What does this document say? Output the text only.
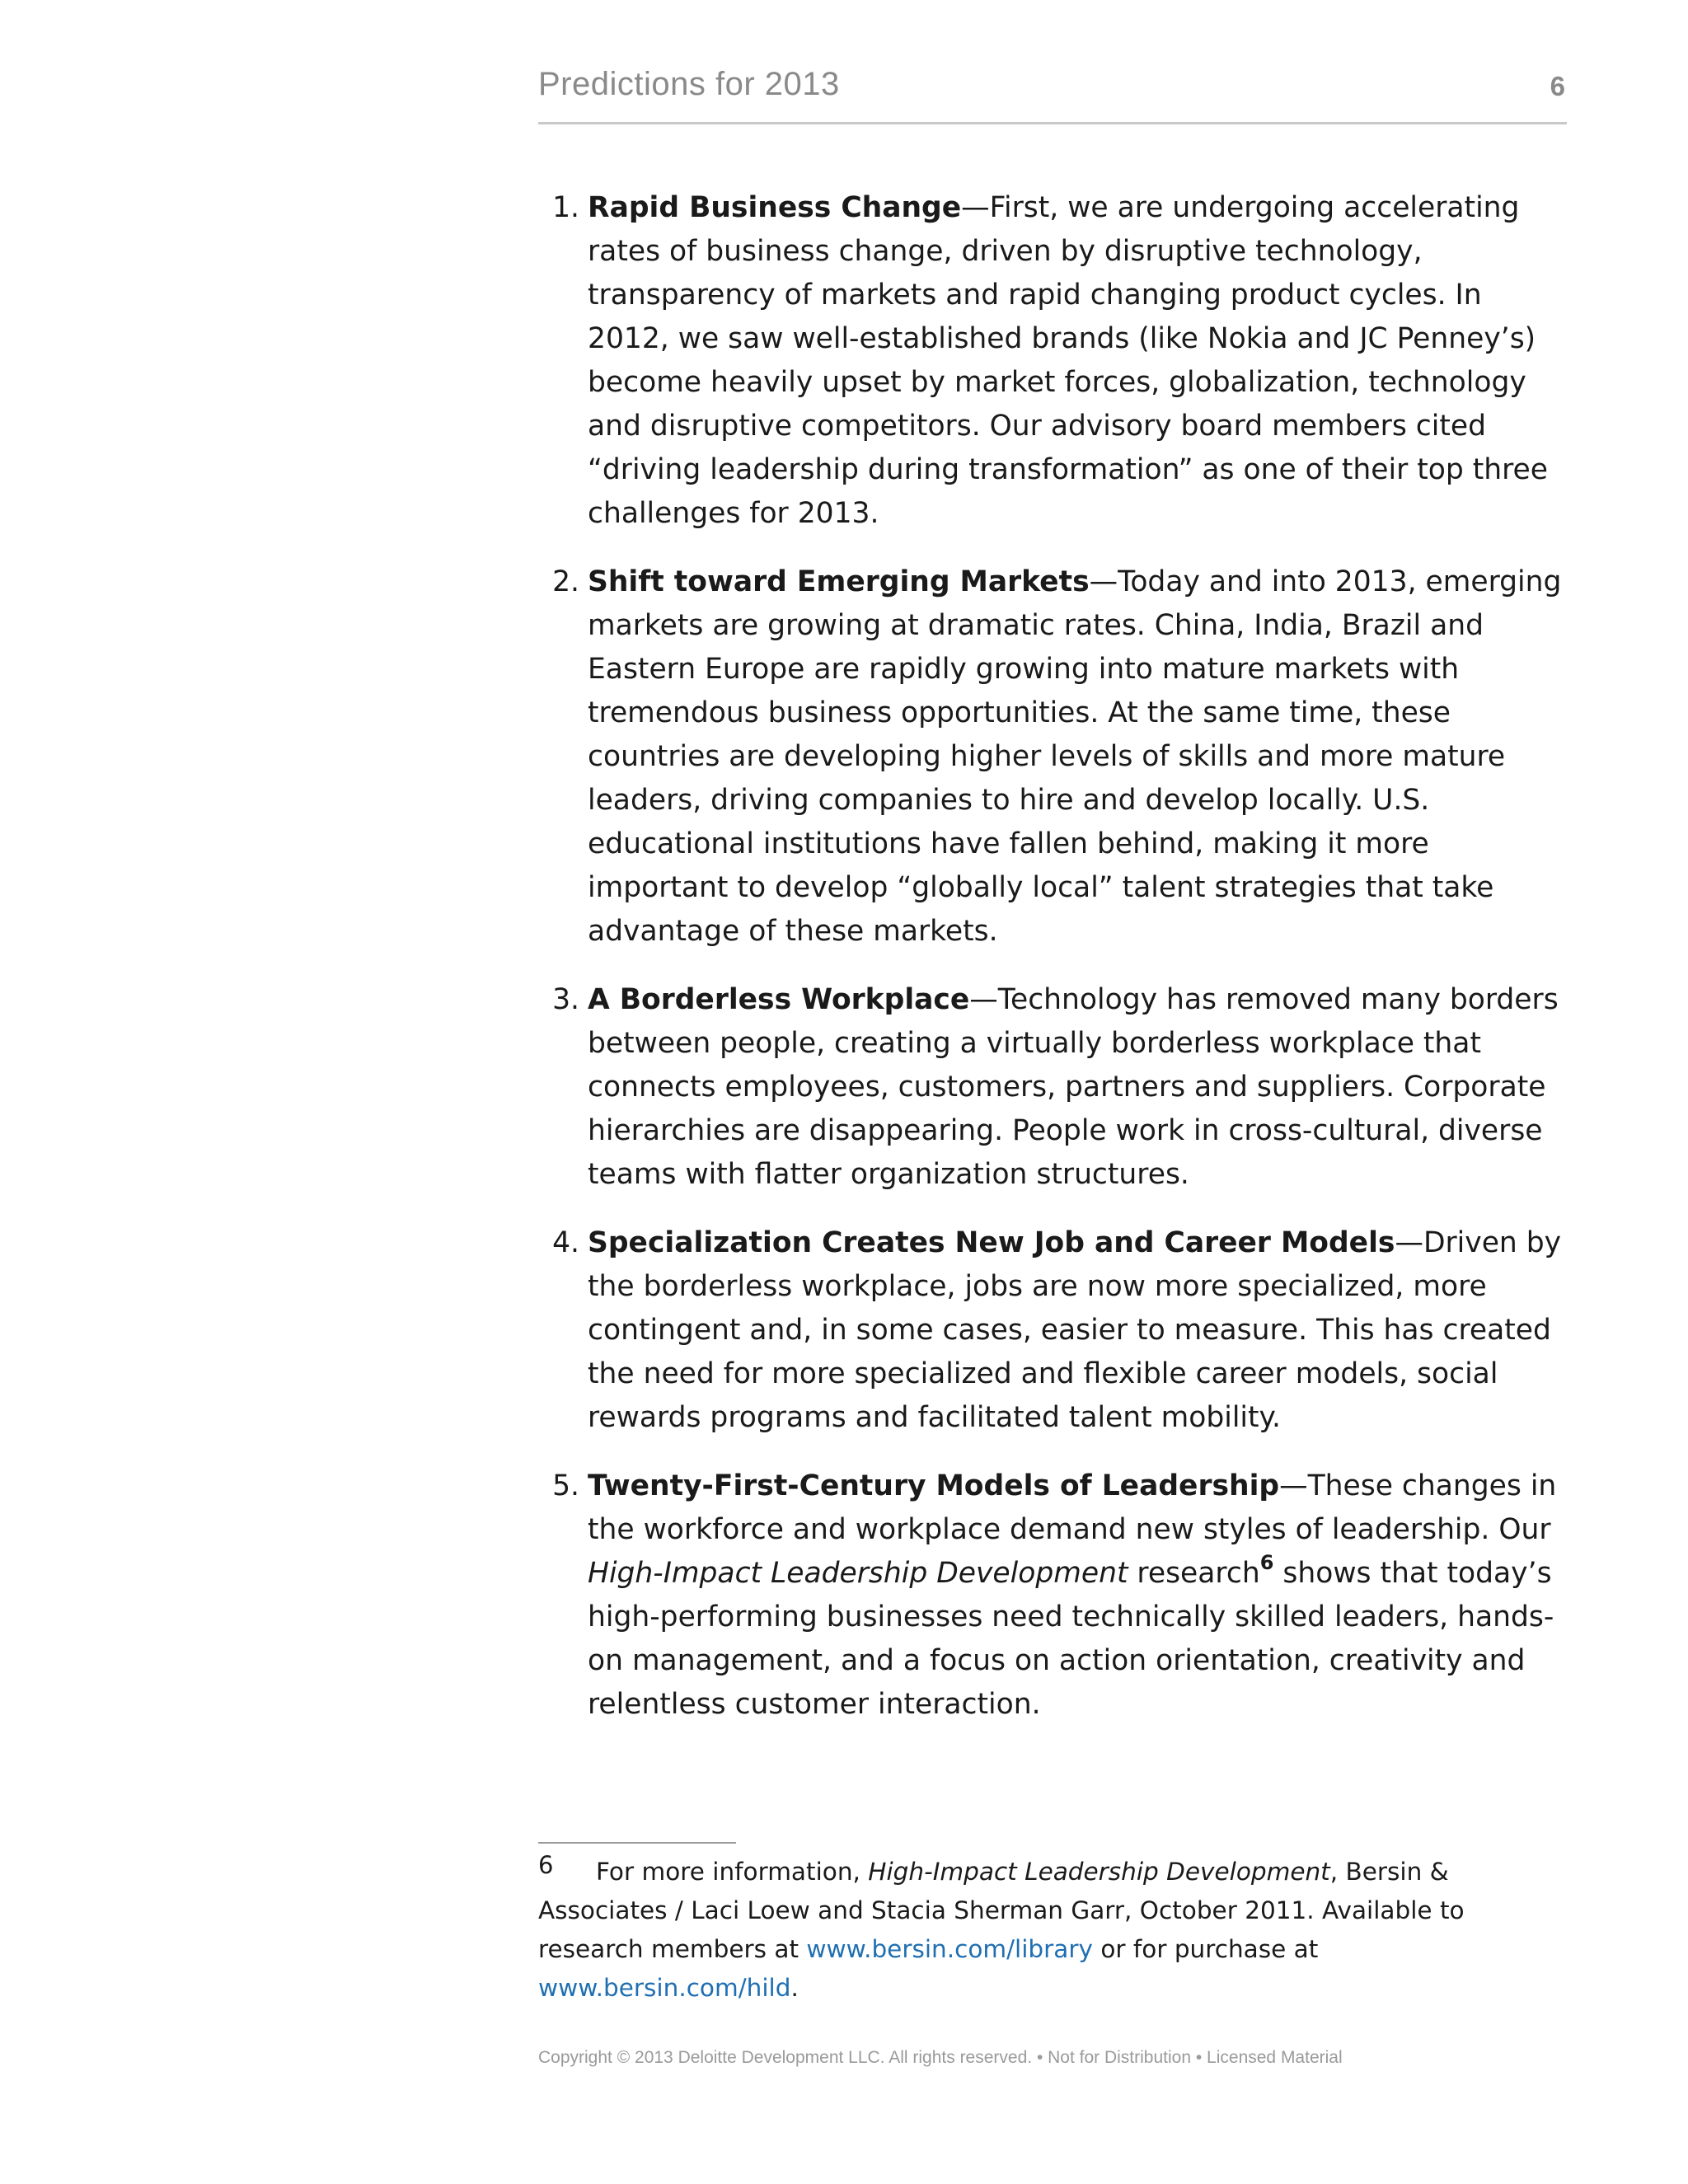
Predictions for 2013	6
1. Rapid Business Change—First, we are undergoing accelerating rates of business change, driven by disruptive technology, transparency of markets and rapid changing product cycles. In 2012, we saw well-established brands (like Nokia and JC Penney’s) become heavily upset by market forces, globalization, technology and disruptive competitors. Our advisory board members cited “driving leadership during transformation” as one of their top three challenges for 2013.
2. Shift toward Emerging Markets—Today and into 2013, emerging markets are growing at dramatic rates. China, India, Brazil and Eastern Europe are rapidly growing into mature markets with tremendous business opportunities. At the same time, these countries are developing higher levels of skills and more mature leaders, driving companies to hire and develop locally. U.S. educational institutions have fallen behind, making it more important to develop “globally local” talent strategies that take advantage of these markets.
3. A Borderless Workplace—Technology has removed many borders between people, creating a virtually borderless workplace that connects employees, customers, partners and suppliers. Corporate hierarchies are disappearing. People work in cross-cultural, diverse teams with flatter organization structures.
4. Specialization Creates New Job and Career Models—Driven by the borderless workplace, jobs are now more specialized, more contingent and, in some cases, easier to measure. This has created the need for more specialized and flexible career models, social rewards programs and facilitated talent mobility.
5. Twenty-First-Century Models of Leadership—These changes in the workforce and workplace demand new styles of leadership. Our High-Impact Leadership Development research$^6$ shows that today’s high-performing businesses need technically skilled leaders, hands-on management, and a focus on action orientation, creativity and relentless customer interaction.
6 For more information, High-Impact Leadership Development, Bersin & Associates / Laci Loew and Stacia Sherman Garr, October 2011. Available to research members at www.bersin.com/library or for purchase at www.bersin.com/hild.
Copyright © 2013 Deloitte Development LLC. All rights reserved. • Not for Distribution • Licensed Material
